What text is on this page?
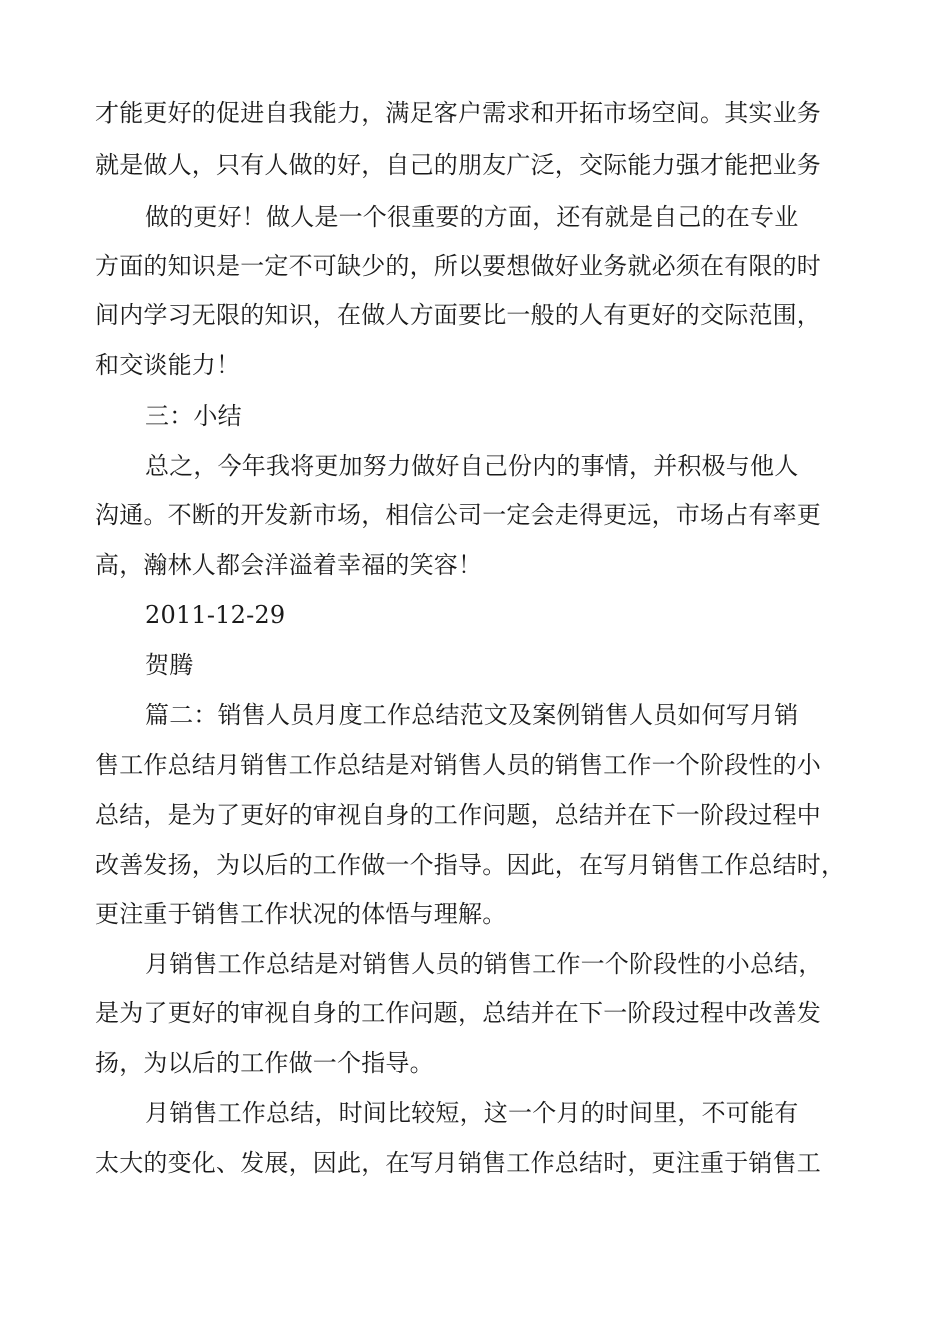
才能更好的促进自我能力，满足客户需求和开拓市场空间。其实业务

就是做人，只有人做的好，自己的朋友广泛，交际能力强才能把业务

做的更好！做人是一个很重要的方面，还有就是自己的在专业

方面的知识是一定不可缺少的，所以要想做好业务就必须在有限的时

间内学习无限的知识，在做人方面要比一般的人有更好的交际范围，

和交谈能力！

三：小结

总之，今年我将更加努力做好自己份内的事情，并积极与他人

沟通。不断的开发新市场，相信公司一定会走得更远，市场占有率更

高，瀚林人都会洋溢着幸福的笑容！

2011-12-29

贺腾

篇二：销售人员月度工作总结范文及案例销售人员如何写月销

售工作总结月销售工作总结是对销售人员的销售工作一个阶段性的小

总结，是为了更好的审视自身的工作问题，总结并在下一阶段过程中

改善发扬，为以后的工作做一个指导。因此，在写月销售工作总结时，

更注重于销售工作状况的体悟与理解。

月销售工作总结是对销售人员的销售工作一个阶段性的小总结，

是为了更好的审视自身的工作问题，总结并在下一阶段过程中改善发

扬，为以后的工作做一个指导。

月销售工作总结，时间比较短，这一个月的时间里，不可能有

太大的变化、发展，因此，在写月销售工作总结时，更注重于销售工
